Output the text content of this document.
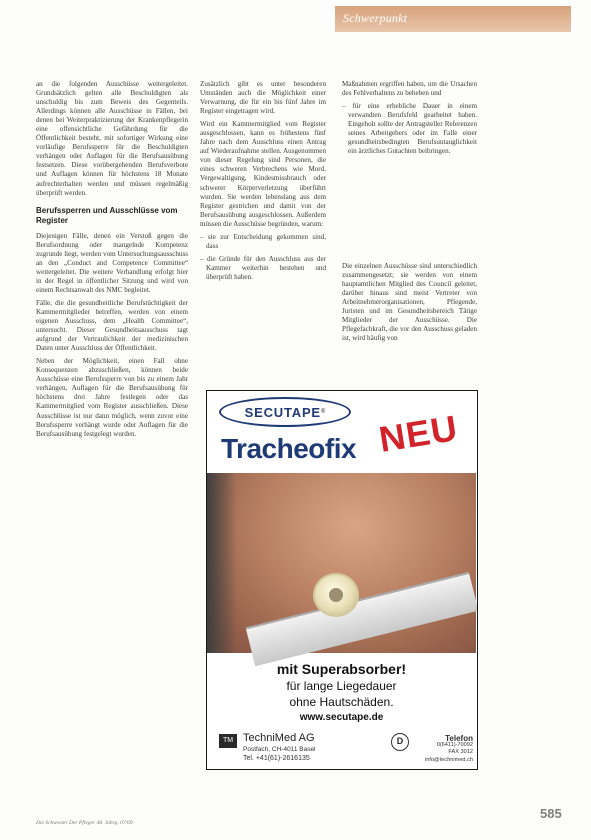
Schwerpunkt

an die folgenden Ausschüsse weitergeleitet. Grundsätzlich gelten alle Beschuldigten als unschuldig bis zum Beweis des Gegenteils. Allerdings können alle Ausschüsse in Fällen, bei denen bei Weiterpraktizierung der Krankenpflegerin eine offensichtliche Gefährdung für die Öffentlichkeit besteht, mit sofortiger Wirkung eine vorläufige Berufssperre für die Beschuldigten verhängen oder Auflagen für die Berufsausübung festsetzen. Diese vorübergehenden Berufsverbote und Auflagen können für höchstens 18 Monate aufrechterhalten werden und müssen regelmäßig überprüft werden.

Berufssperren und Ausschlüsse vom Register

Diejenigen Fälle, denen ein Verstoß gegen die Berufsordnung oder mangelnde Kompetenz zugrunde liegt, werden vom Untersuchungsausschuss an den „Conduct and Competence Committee“ weitergeleitet. Die weitere Verhandlung erfolgt hier in der Regel in öffentlicher Sitzung und wird von einem Rechtsanwalt des NMC begleitet.

Fälle, die die gesundheitliche Berufstüchtigkeit der Kammermitglieder betreffen, werden von einem eigenen Ausschuss, dem „Health Committee“, untersucht. Dieser Gesundheitsausschuss tagt aufgrund der Vertraulichkeit der medizinischen Daten unter Ausschluss der Öffentlichkeit.

Neben der Möglichkeit, einen Fall ohne Konsequenzen abzuschließen, können beide Ausschüsse eine Berufssperre von bis zu einem Jahr verhängen, Auflagen für die Berufsausübung für höchstens drei Jahre festlegen oder das Kammermitglied vom Register ausschließen. Diese Ausschlüsse ist nur dann möglich, wenn zuvor eine Berufssperre verhängt wurde oder Auflagen für die Berufsausübung festgelegt wurden.

Zusätzlich gibt es unter besonderen Umständen auch die Möglichkeit einer Verwarnung, die für ein bis fünf Jahre im Register eingetragen wird.

Wird ein Kammermitglied vom Register ausgeschlossen, kann es frühestens fünf Jahre nach dem Ausschluss einen Antrag auf Wiederaufnahme stellen. Ausgenommen von dieser Regelung sind Personen, die eines schweren Verbrechens wie Mord, Vergewaltigung, Kindesmissbrauch oder schwerer Körperverletzung überführt wurden. Sie werden lebenslang aus dem Register gestrichen und damit von der Berufsausübung ausgeschlossen. Außerdem müssen die Ausschüsse begründen, warum:

– sie zur Entscheidung gekommen sind, dass

– die Gründe für den Ausschluss aus der Kammer weiterhin bestehen und überprüft haben.

Maßnahmen ergriffen haben, um die Ursachen des Fehlverhaltens zu beheben und

– für eine erhebliche Dauer in einem verwandten Berufsfeld gearbeitet haben. Eingeholt sollte der Antragsteller Referenzen seines Arbeitgebers oder im Falle einer gesundheitsbedingten Berufsuntauglichkeit ein ärztliches Gutachten beibringen.

Die einzelnen Ausschüsse sind unterschiedlich zusammengesetzt; sie werden von einem hauptamtlichen Mitglied des Council geleitet, darüber hinaus sind meist Vertreter von Arbeitnehmerorganisationen, Pflegende, Juristen und im Gesundheitsbereich Tätige Mitglieder der Ausschüsse. Die Pflegefachkraft, die vor den Ausschuss geladen ist, wird häufig von

SECUTAPE ®
Tracheofix NEU
mit Superabsorber!
für lange Liegedauer
ohne Hautschäden.
www.secutape.de
TM TechniMed AG
Postfach, CH-4011 Basel
Tel. +41(61)-2616135
D	Telefon
0(6411)-70092
FAX 3012
info@technimed.ch
Die Schwester Der Pfleger 48. Jahrg. 07/09
585
